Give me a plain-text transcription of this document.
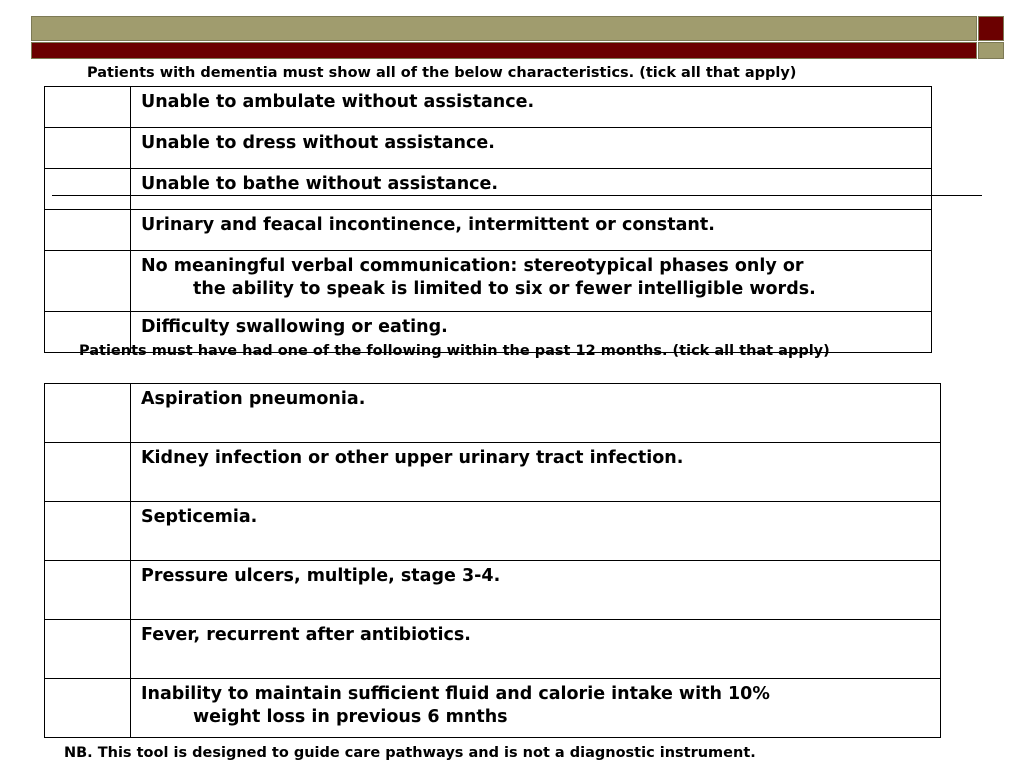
Patients with dementia must show all of the below characteristics. (tick all that apply)
	Unable to ambulate without assistance.
	Unable to dress without assistance.
	Unable to bathe without assistance.
	Urinary and feacal incontinence, intermittent or constant.
	No meaningful verbal communication: stereotypical phases only or
the ability to speak is limited to six or fewer intelligible words.

	Difficulty swallowing or eating.
Patients must have had one of the following within the past 12 months. (tick all that apply)
	Aspiration pneumonia.
	Kidney infection or other upper urinary tract infection.
	Septicemia.
	Pressure ulcers, multiple, stage 3-4.
	Fever, recurrent after antibiotics.
	Inability to maintain sufficient fluid and calorie intake with 10%
weight loss in previous 6 mnths
NB. This tool is designed to guide care pathways and is not a diagnostic instrument.
